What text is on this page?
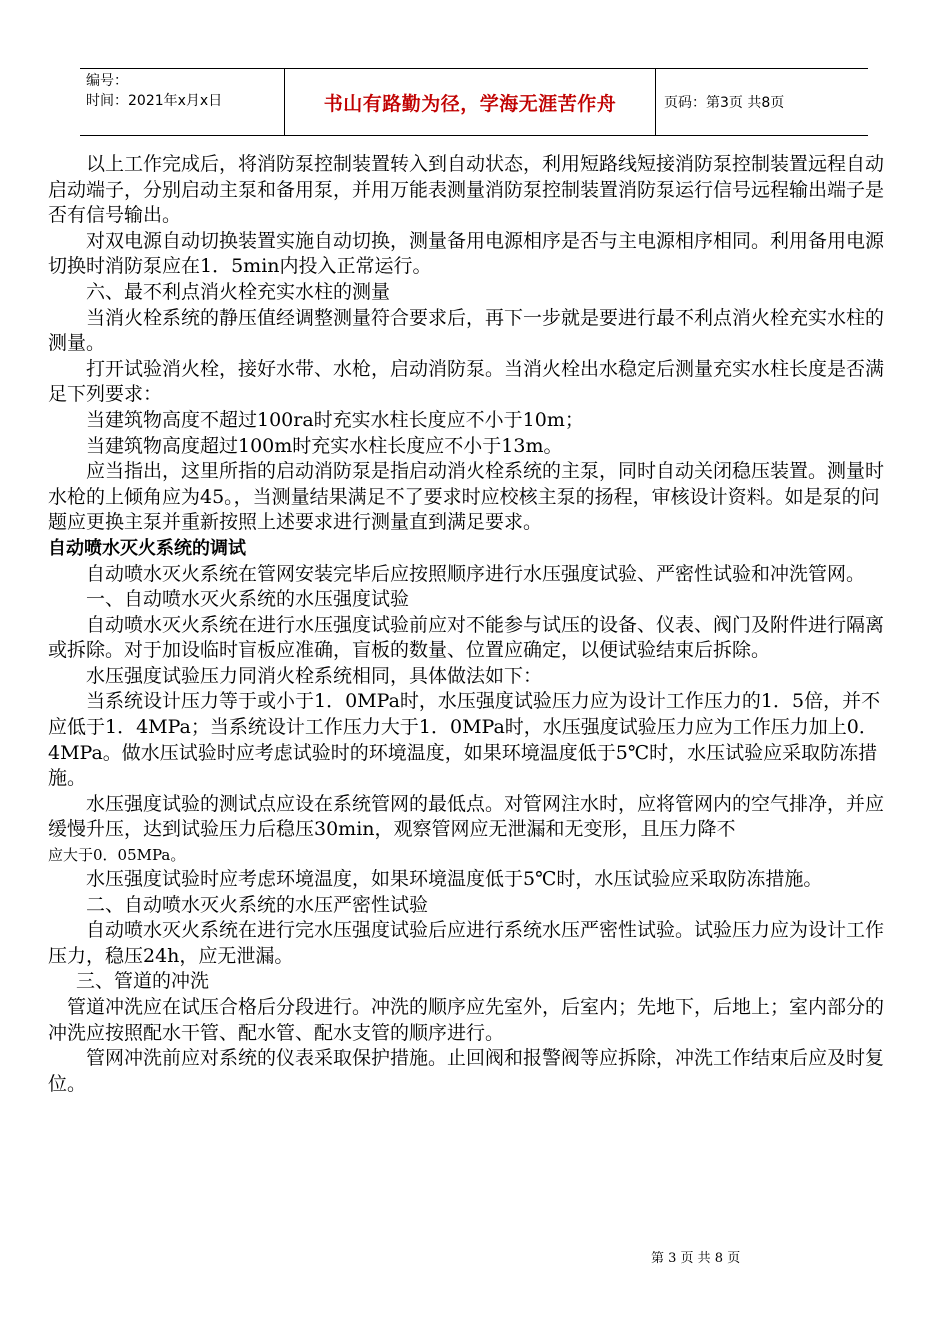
编号：
时间：2021年x月x日	书山有路勤为径，学海无涯苦作舟	页码：第3页 共8页

以上工作完成后，将消防泵控制装置转入到自动状态，利用短路线短接消防泵控制装置远程自动启动端子，分别启动主泵和备用泵，并用万能表测量消防泵控制装置消防泵运行信号远程输出端子是否有信号输出。

对双电源自动切换装置实施自动切换，测量备用电源相序是否与主电源相序相同。利用备用电源切换时消防泵应在1．5min内投入正常运行。

六、最不利点消火栓充实水柱的测量

当消火栓系统的静压值经调整测量符合要求后，再下一步就是要进行最不利点消火栓充实水柱的测量。

打开试验消火栓，接好水带、水枪，启动消防泵。当消火栓出水稳定后测量充实水柱长度是否满足下列要求：

当建筑物高度不超过100ra时充实水柱长度应不小于10m；

当建筑物高度超过100m时充实水柱长度应不小于13m。

应当指出，这里所指的启动消防泵是指启动消火栓系统的主泵，同时自动关闭稳压装置。测量时水枪的上倾角应为45。，当测量结果满足不了要求时应校核主泵的扬程，审核设计资料。如是泵的问题应更换主泵并重新按照上述要求进行测量直到满足要求。

自动喷水灭火系统的调试

自动喷水灭火系统在管网安装完毕后应按照顺序进行水压强度试验、严密性试验和冲洗管网。

一、自动喷水灭火系统的水压强度试验

自动喷水灭火系统在进行水压强度试验前应对不能参与试压的设备、仪表、阀门及附件进行隔离或拆除。对于加设临时盲板应准确，盲板的数量、位置应确定，以便试验结束后拆除。

水压强度试验压力同消火栓系统相同，具体做法如下：

当系统设计压力等于或小于1．0MPa时，水压强度试验压力应为设计工作压力的1．5倍，并不应低于1．4MPa；当系统设计工作压力大于1．0MPa时，水压强度试验压力应为工作压力加上0．4MPa。做水压试验时应考虑试验时的环境温度，如果环境温度低于5℃时，水压试验应采取防冻措施。

水压强度试验的测试点应设在系统管网的最低点。对管网注水时，应将管网内的空气排净，并应缓慢升压，达到试验压力后稳压30min，观察管网应无泄漏和无变形，且压力降不

应大于0．05MPa。

水压强度试验时应考虑环境温度，如果环境温度低于5℃时，水压试验应采取防冻措施。

二、自动喷水灭火系统的水压严密性试验

自动喷水灭火系统在进行完水压强度试验后应进行系统水压严密性试验。试验压力应为设计工作压力，稳压24h，应无泄漏。

三、管道的冲洗

管道冲洗应在试压合格后分段进行。冲洗的顺序应先室外，后室内；先地下，后地上；室内部分的冲洗应按照配水干管、配水管、配水支管的顺序进行。

管网冲洗前应对系统的仪表采取保护措施。止回阀和报警阀等应拆除，冲洗工作结束后应及时复位。

第 3 页 共 8 页
